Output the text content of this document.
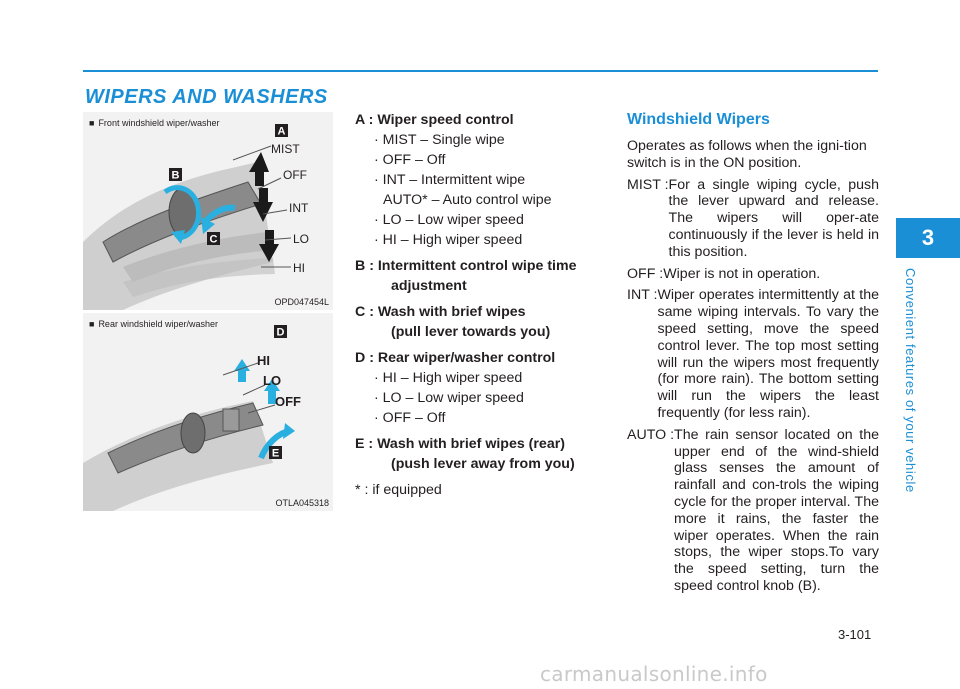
WIPERS AND WASHERS
3
Convenient features of your vehicle
A
B
C
MIST
OFF
INT
LO
HI
■ Front windshield wiper/washer
OPD047454L
D
E
HI
LO
OFF
■ Rear windshield wiper/washer
OTLA045318

A : Wiper speed control

· MIST – Single wipe

· OFF – Off

· INT – Intermittent wipe

AUTO* – Auto control wipe

· LO – Low wiper speed

· HI – High wiper speed

B : Intermittent control wipe time

adjustment

C : Wash with brief wipes

(pull lever towards you)

D : Rear wiper/washer control

· HI – High wiper speed

· LO – Low wiper speed

· OFF – Off

E : Wash with brief wipes (rear)

(push lever away from you)

* : if equipped

Windshield Wipers

Operates as follows when the igni-tion switch is in the ON position.

MIST : For a single wiping cycle, push the lever upward and release. The wipers will oper-ate continuously if the lever is held in this position.
OFF : Wiper is not in operation.
INT : Wiper operates intermittently at the same wiping intervals. To vary the speed setting, move the speed control lever. The top most setting will run the wipers most frequently (for more rain). The bottom setting will run the wipers the least frequently (for less rain).
AUTO : The rain sensor located on the upper end of the wind-shield glass senses the amount of rainfall and con-trols the wiping cycle for the proper interval. The more it rains, the faster the wiper operates. When the rain stops, the wiper stops.To vary the speed setting, turn the speed control knob (B).
3-101
carmanualsonline.info
